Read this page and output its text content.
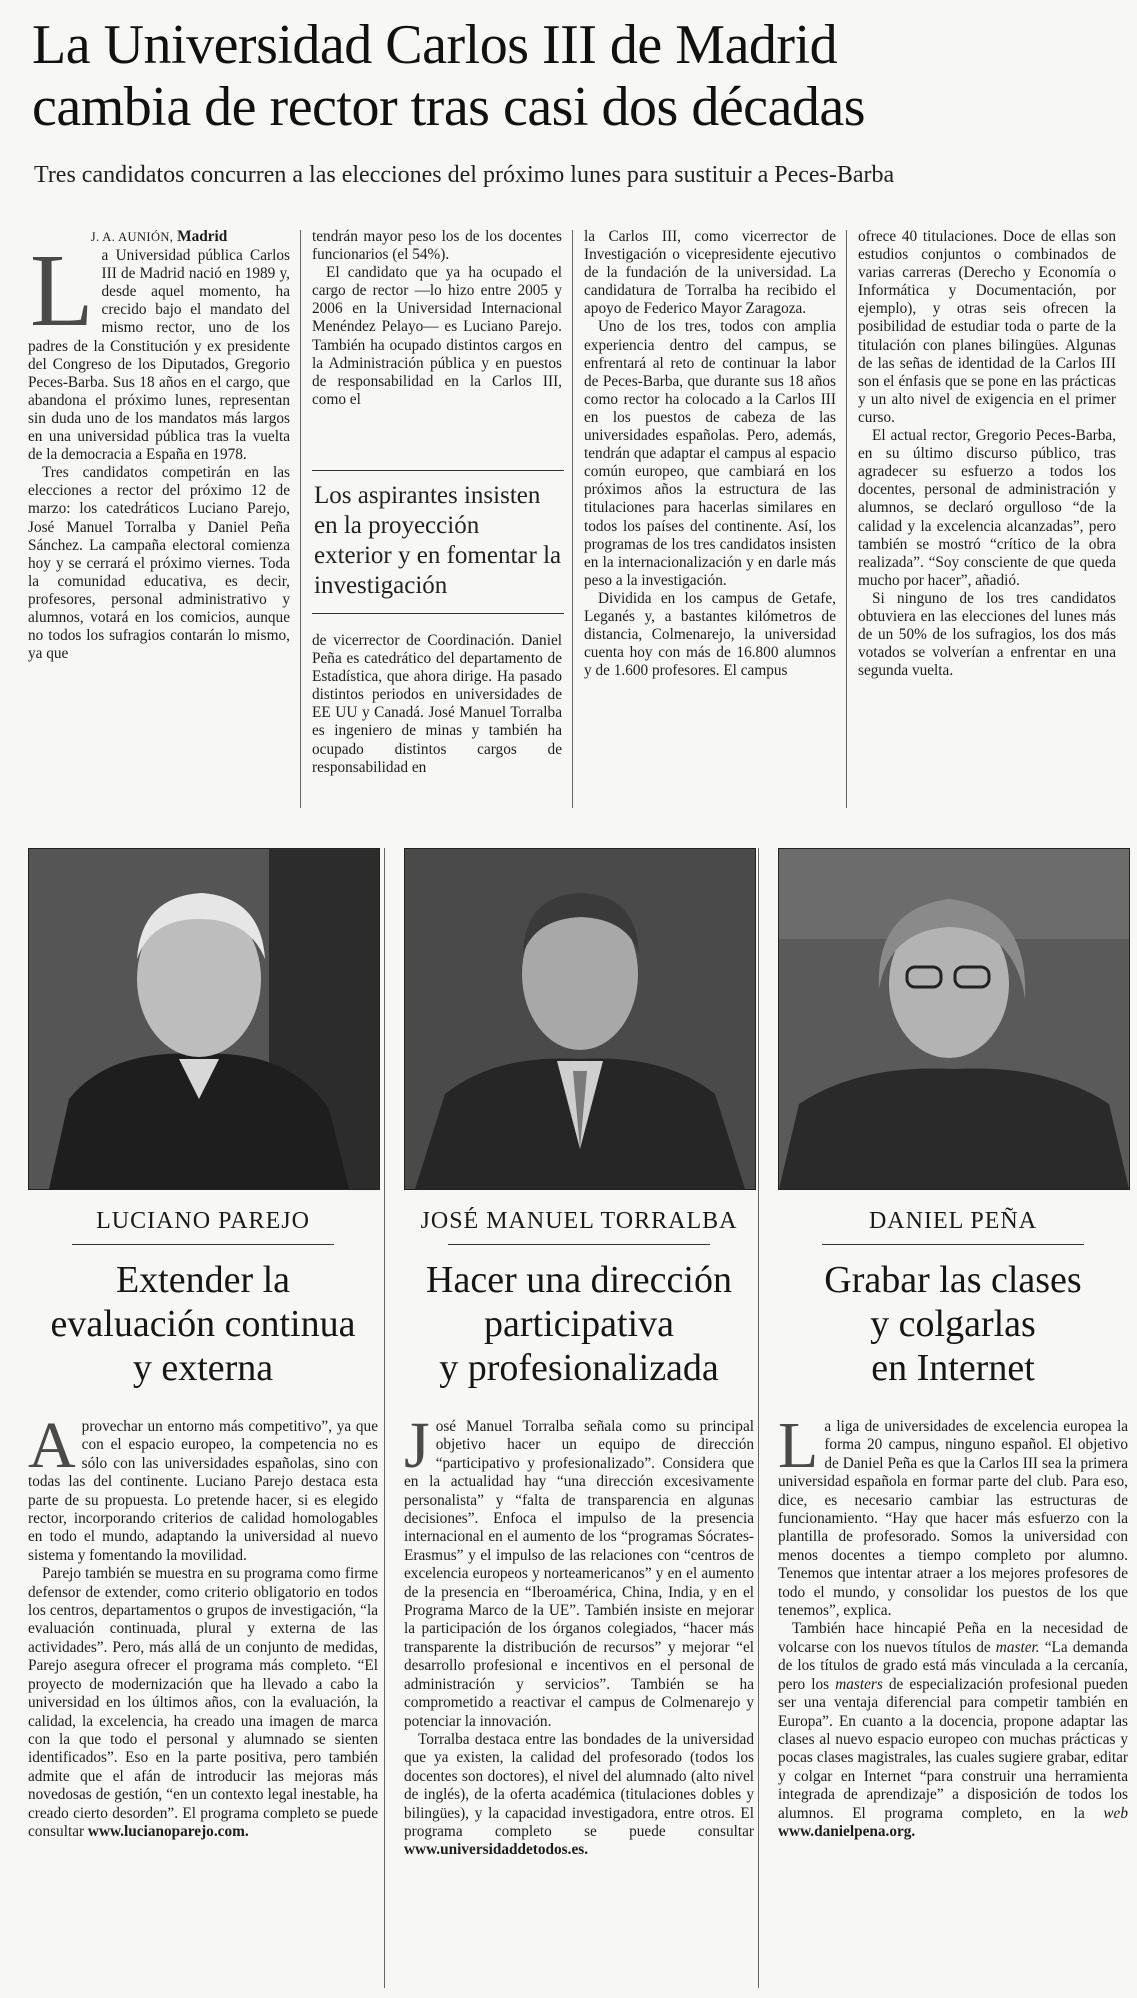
La Universidad Carlos III de Madrid
cambia de rector tras casi dos décadas

Tres candidatos concurren a las elecciones del próximo lunes para sustituir a Peces-Barba

J. A. AUNIÓN, Madrid

La Universidad pública Carlos III de Madrid nació en 1989 y, desde aquel momento, ha crecido bajo el mandato del mismo rector, uno de los padres de la Constitución y ex presidente del Congreso de los Diputados, Gregorio Peces-Barba. Sus 18 años en el cargo, que abandona el próximo lunes, representan sin duda uno de los mandatos más largos en una universidad pública tras la vuelta de la democracia a España en 1978.

Tres candidatos competirán en las elecciones a rector del próximo 12 de marzo: los catedráticos Luciano Parejo, José Manuel Torralba y Daniel Peña Sánchez. La campaña electoral comienza hoy y se cerrará el próximo viernes. Toda la comunidad educativa, es decir, profesores, personal administrativo y alumnos, votará en los comicios, aunque no todos los sufragios contarán lo mismo, ya que

tendrán mayor peso los de los docentes funcionarios (el 54%).

El candidato que ya ha ocupado el cargo de rector —lo hizo entre 2005 y 2006 en la Universidad Internacional Menéndez Pelayo— es Luciano Parejo. También ha ocupado distintos cargos en la Administración pública y en puestos de responsabilidad en la Carlos III, como el

Los aspirantes insisten en la proyección exterior y en fomentar la investigación

de vicerrector de Coordinación. Daniel Peña es catedrático del departamento de Estadística, que ahora dirige. Ha pasado distintos periodos en universidades de EE UU y Canadá. José Manuel Torralba es ingeniero de minas y también ha ocupado distintos cargos de responsabilidad en

la Carlos III, como vicerrector de Investigación o vicepresidente ejecutivo de la fundación de la universidad. La candidatura de Torralba ha recibido el apoyo de Federico Mayor Zaragoza.

Uno de los tres, todos con amplia experiencia dentro del campus, se enfrentará al reto de continuar la labor de Peces-Barba, que durante sus 18 años como rector ha colocado a la Carlos III en los puestos de cabeza de las universidades españolas. Pero, además, tendrán que adaptar el campus al espacio común europeo, que cambiará en los próximos años la estructura de las titulaciones para hacerlas similares en todos los países del continente. Así, los programas de los tres candidatos insisten en la internacionalización y en darle más peso a la investigación.

Dividida en los campus de Getafe, Leganés y, a bastantes kilómetros de distancia, Colmenarejo, la universidad cuenta hoy con más de 16.800 alumnos y de 1.600 profesores. El campus

ofrece 40 titulaciones. Doce de ellas son estudios conjuntos o combinados de varias carreras (Derecho y Economía o Informática y Documentación, por ejemplo), y otras seis ofrecen la posibilidad de estudiar toda o parte de la titulación con planes bilingües. Algunas de las señas de identidad de la Carlos III son el énfasis que se pone en las prácticas y un alto nivel de exigencia en el primer curso.

El actual rector, Gregorio Peces-Barba, en su último discurso público, tras agradecer su esfuerzo a todos los docentes, personal de administración y alumnos, se declaró orgulloso “de la calidad y la excelencia alcanzadas”, pero también se mostró “crítico de la obra realizada”. “Soy consciente de que queda mucho por hacer”, añadió.

Si ninguno de los tres candidatos obtuviera en las elecciones del lunes más de un 50% de los sufragios, los dos más votados se volverían a enfrentar en una segunda vuelta.

LUCIANO PAREJO	JOSÉ MANUEL TORRALBA	DANIEL PEÑA
Extender la
evaluación continua
y externa
Hacer una dirección
participativa
y profesionalizada
Grabar las clases
y colgarlas
en Internet

Aprovechar un entorno más competitivo”, ya que con el espacio europeo, la competencia no es sólo con las universidades españolas, sino con todas las del continente. Luciano Parejo destaca esta parte de su propuesta. Lo pretende hacer, si es elegido rector, incorporando criterios de calidad homologables en todo el mundo, adaptando la universidad al nuevo sistema y fomentando la movilidad.

Parejo también se muestra en su programa como firme defensor de extender, como criterio obligatorio en todos los centros, departamentos o grupos de investigación, “la evaluación continuada, plural y externa de las actividades”. Pero, más allá de un conjunto de medidas, Parejo asegura ofrecer el programa más completo. “El proyecto de modernización que ha llevado a cabo la universidad en los últimos años, con la evaluación, la calidad, la excelencia, ha creado una imagen de marca con la que todo el personal y alumnado se sienten identificados”. Eso en la parte positiva, pero también admite que el afán de introducir las mejoras más novedosas de gestión, “en un contexto legal inestable, ha creado cierto desorden”. El programa completo se puede consultar www.lucianoparejo.com.

José Manuel Torralba señala como su principal objetivo hacer un equipo de dirección “participativo y profesionalizado”. Considera que en la actualidad hay “una dirección excesivamente personalista” y “falta de transparencia en algunas decisiones”. Enfoca el impulso de la presencia internacional en el aumento de los “programas Sócrates-Erasmus” y el impulso de las relaciones con “centros de excelencia europeos y norteamericanos” y en el aumento de la presencia en “Iberoamérica, China, India, y en el Programa Marco de la UE”. También insiste en mejorar la participación de los órganos colegiados, “hacer más transparente la distribución de recursos” y mejorar “el desarrollo profesional e incentivos en el personal de administración y servicios”. También se ha comprometido a reactivar el campus de Colmenarejo y potenciar la innovación.

Torralba destaca entre las bondades de la universidad que ya existen, la calidad del profesorado (todos los docentes son doctores), el nivel del alumnado (alto nivel de inglés), de la oferta académica (titulaciones dobles y bilingües), y la capacidad investigadora, entre otros. El programa completo se puede consultar www.universidaddetodos.es.

La liga de universidades de excelencia europea la forma 20 campus, ninguno español. El objetivo de Daniel Peña es que la Carlos III sea la primera universidad española en formar parte del club. Para eso, dice, es necesario cambiar las estructuras de funcionamiento. “Hay que hacer más esfuerzo con la plantilla de profesorado. Somos la universidad con menos docentes a tiempo completo por alumno. Tenemos que intentar atraer a los mejores profesores de todo el mundo, y consolidar los puestos de los que tenemos”, explica.

También hace hincapié Peña en la necesidad de volcarse con los nuevos títulos de master. “La demanda de los títulos de grado está más vinculada a la cercanía, pero los masters de especialización profesional pueden ser una ventaja diferencial para competir también en Europa”. En cuanto a la docencia, propone adaptar las clases al nuevo espacio europeo con muchas prácticas y pocas clases magistrales, las cuales sugiere grabar, editar y colgar en Internet “para construir una herramienta integrada de aprendizaje” a disposición de todos los alumnos. El programa completo, en la web www.danielpena.org.
